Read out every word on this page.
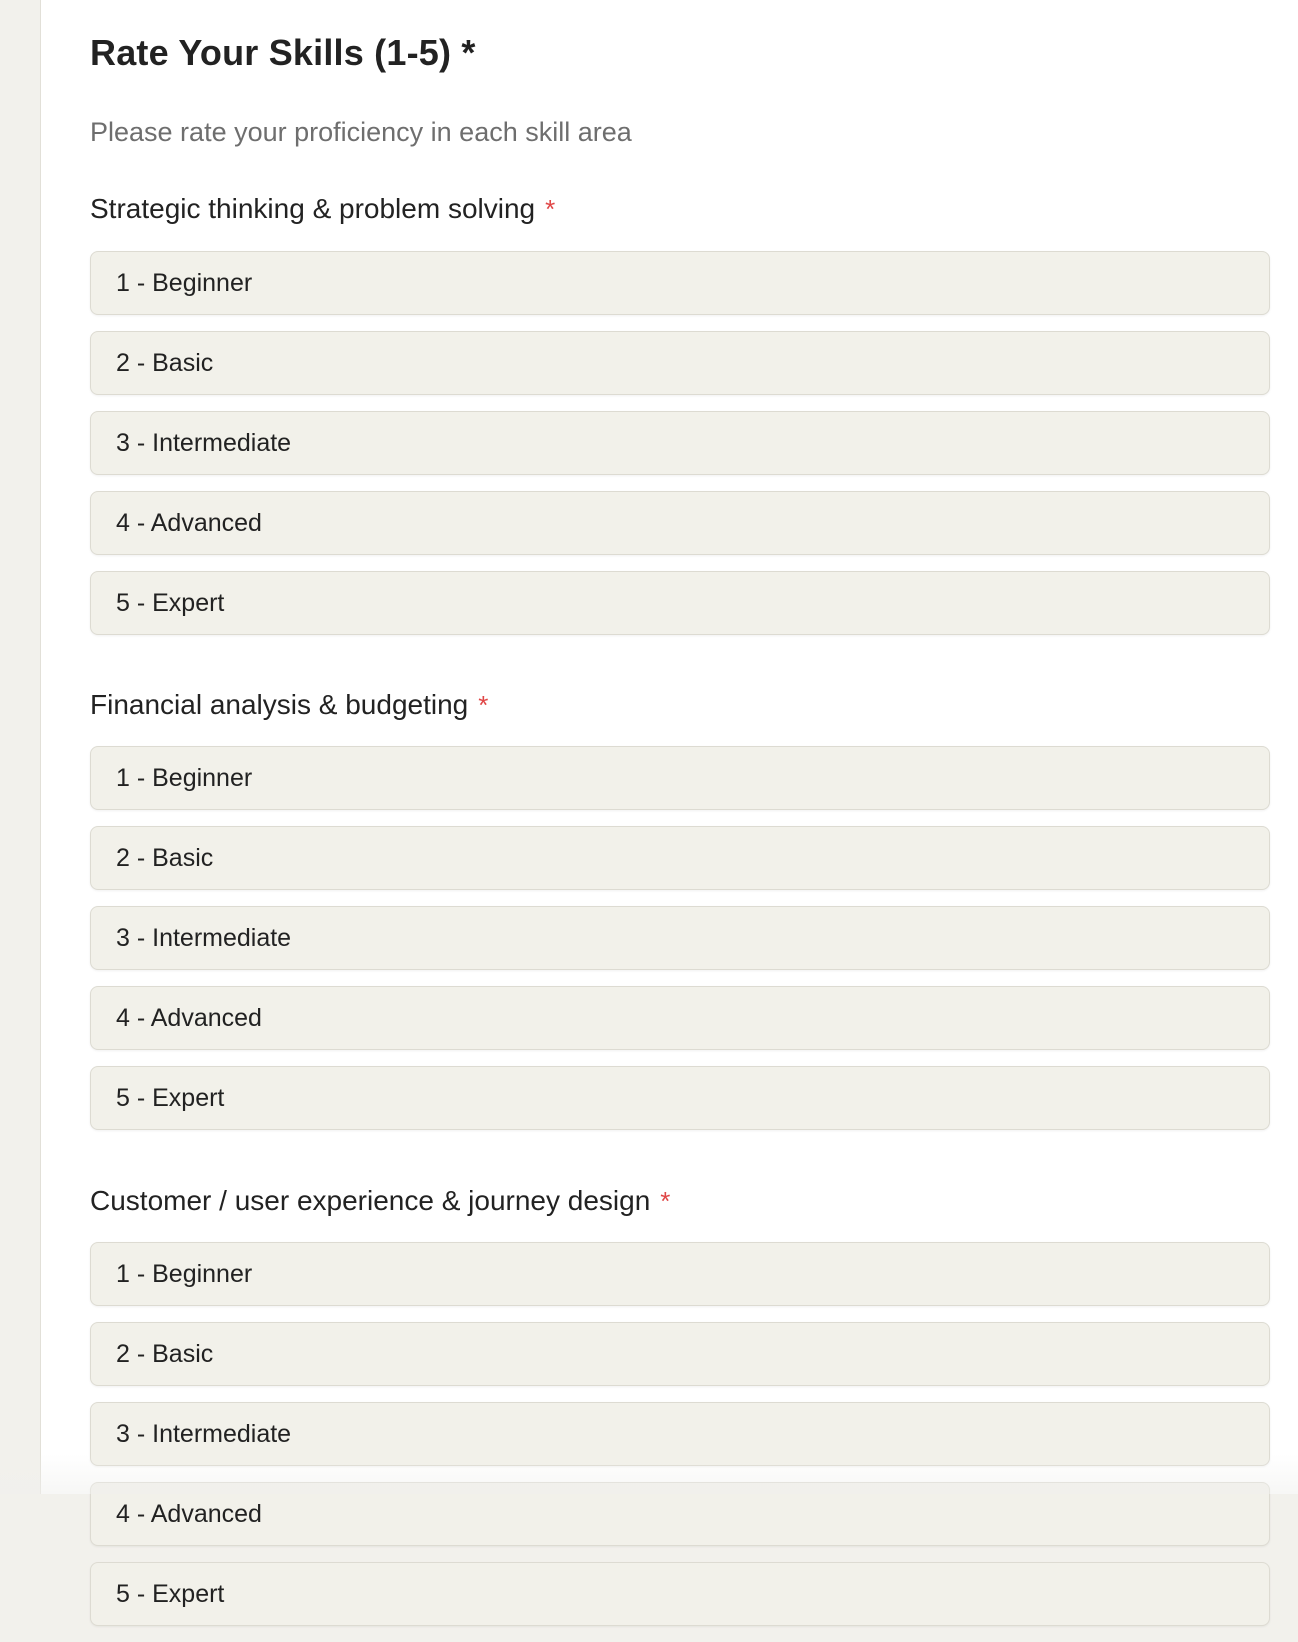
Rate Your Skills (1-5) *

Please rate your proficiency in each skill area

Strategic thinking & problem solving *
1 - Beginner
2 - Basic
3 - Intermediate
4 - Advanced
5 - Expert
Financial analysis & budgeting *
1 - Beginner
2 - Basic
3 - Intermediate
4 - Advanced
5 - Expert
Customer / user experience & journey design *
1 - Beginner
2 - Basic
3 - Intermediate
4 - Advanced
5 - Expert
